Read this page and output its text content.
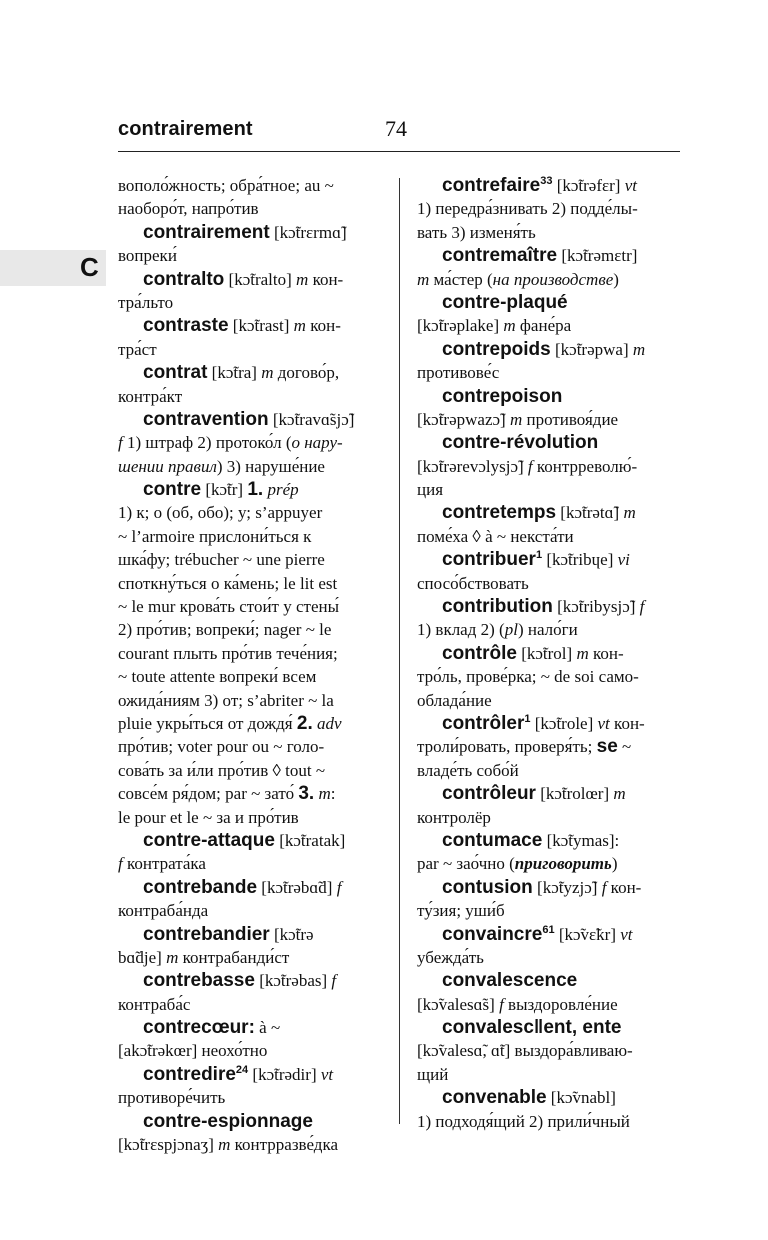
contrairement	74
C
вополо́жность; обра́тное; au ~
наоборо́т, напро́тив
contrairement [kɔ̃trɛrmɑ̃]
вопреки́
contralto [kɔ̃tralto] m кон-
тра́льто
contraste [kɔ̃trast] m кон-
тра́ст
contrat [kɔ̃tra] m догово́р,
контра́кт
contravention [kɔ̃travɑ̃sjɔ̃]
f 1) штраф 2) протоко́л (о нару-
шении правил) 3) наруше́ние
contre [kɔ̃tr] 1. prép
1) к; о (об, обо); у; s’appuyer
~ l’armoire прислони́ться к
шка́фу; trébucher ~ une pierre
споткну́ться о ка́мень; le lit est
~ le mur крова́ть стои́т у стены́
2) про́тив; вопреки́; nager ~ le
courant плыть про́тив тече́ния;
~ toute attente вопреки́ всем
ожида́ниям 3) от; s’abriter ~ la
pluie укры́ться от дождя́ 2. adv
про́тив; voter pour ou ~ голо-
сова́ть за и́ли про́тив ◊ tout ~
совсе́м ря́дом; par ~ зато́ 3. m:
le pour et le ~ за и про́тив
contre-attaque [kɔ̃tratak]
f контрата́ка
contrebande [kɔ̃trəbɑ̃d] f
контраба́нда
contrebandier [kɔ̃trə
bɑ̃dje] m контрабанди́ст
contrebasse [kɔ̃trəbas] f
контраба́с
contrecœur: à ~
[akɔ̃trəkœr] неохо́тно
contredire$^{24}$ [kɔ̃trədir] vt
противоре́чить
contre-espionnage
[kɔ̃trɛspjɔnaʒ] m контрразве́дка
contrefaire$^{33}$ [kɔ̃trəfɛr] vt
1) передра́знивать 2) подде́лы-
вать 3) изменя́ть
contremaître [kɔ̃trəmɛtr]
m ма́стер (на производстве)
contre-plaqué
[kɔ̃trəplake] m фане́ра
contrepoids [kɔ̃trəpwa] m
противове́с
contrepoison
[kɔ̃trəpwazɔ̃] m противоя́дие
contre-révolution
[kɔ̃trərevɔlysjɔ̃] f контрреволю́-
ция
contretemps [kɔ̃trətɑ̃] m
поме́ха ◊ à ~ некста́ти
contribuer$^1$ [kɔ̃tribɥe] vi
спосо́бствовать
contribution [kɔ̃tribysjɔ̃] f
1) вклад 2) (pl) нало́ги
contrôle [kɔ̃trol] m кон-
тро́ль, прове́рка; ~ de soi само-
облада́ние
contrôler$^1$ [kɔ̃trole] vt кон-
троли́ровать, проверя́ть; se ~
владе́ть собо́й
contrôleur [kɔ̃trolœr] m
контролёр
contumace [kɔ̃tymas]:
par ~ зао́чно (приговорить)
contusion [kɔ̃tyzjɔ̃] f кон-
ту́зия; уши́б
convaincre$^{61}$ [kɔ̃vɛ̃kr] vt
убежда́ть
convalescence
[kɔ̃valesɑ̃s] f выздоровле́ние
convalesc‖ent, ente
[kɔ̃valesɑ̃, ɑ̃t] выздора́вливаю-
щий
convenable [kɔ̃vnabl]
1) подходя́щий 2) прили́чный
